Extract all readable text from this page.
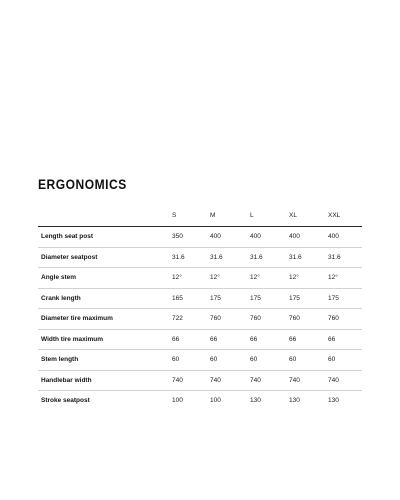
ERGONOMICS
	S	M	L	XL	XXL
Length seat post	350	400	400	400	400
Diameter seatpost	31.6	31.6	31.6	31.6	31.6
Angle stem	12°	12°	12°	12°	12°
Crank length	165	175	175	175	175
Diameter tire maximum	722	760	760	760	760
Width tire maximum	66	66	66	66	66
Stem length	60	60	60	60	60
Handlebar width	740	740	740	740	740
Stroke seatpost	100	100	130	130	130
